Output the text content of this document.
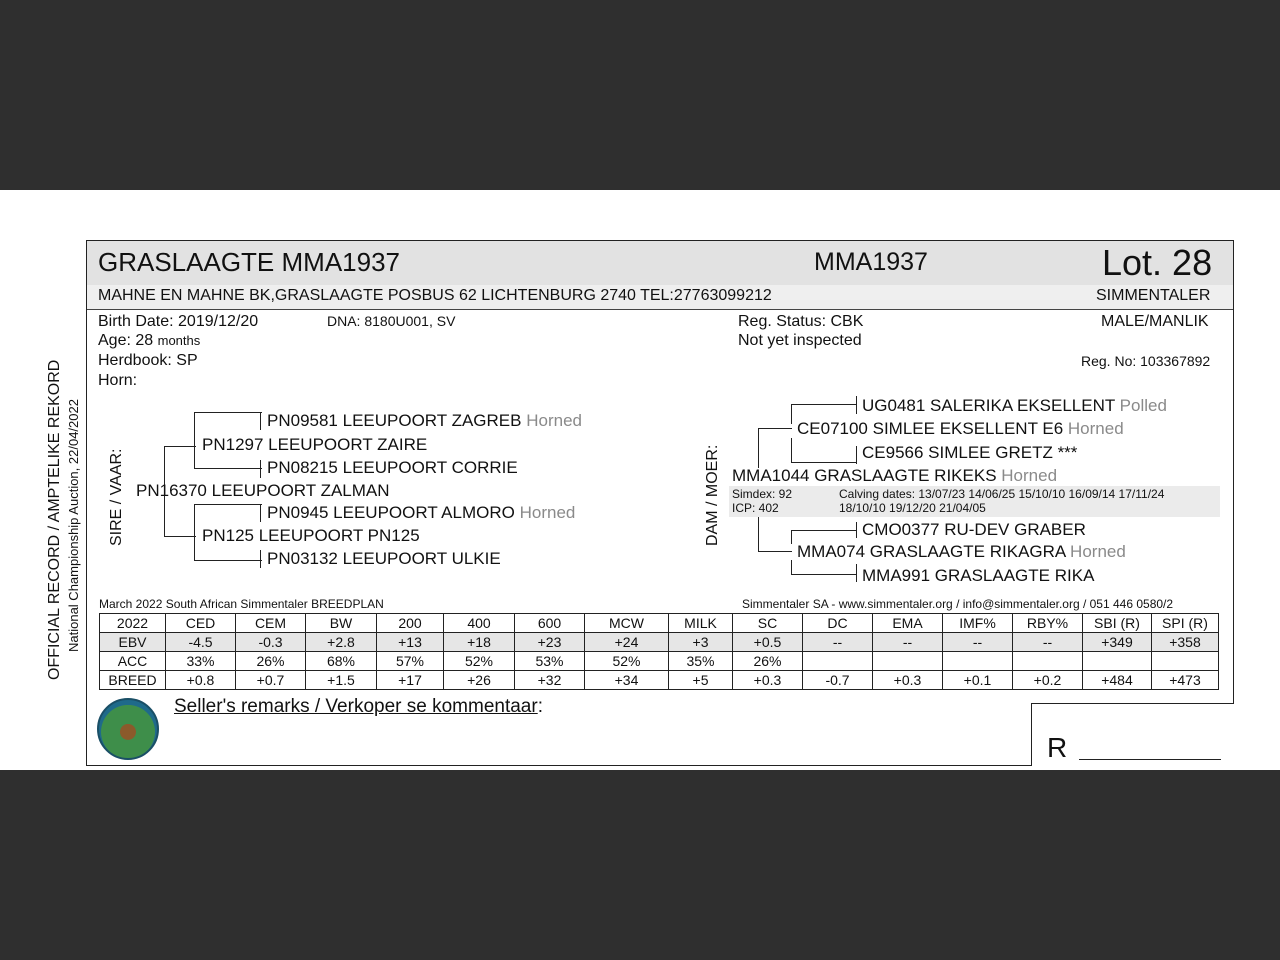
GRASLAAGTE MMA1937	MMA1937	Lot. 28
MAHNE EN MAHNE BK,GRASLAAGTE POSBUS 62 LICHTENBURG 2740 TEL:27763099212	SIMMENTALER
Birth Date: 2019/12/20	DNA: 8180U001, SV
Age: 28 months
Herdbook: SP
Horn:
Reg. Status: CBK
Not yet inspected
MALE/MANLIK
Reg. No: 103367892
OFFICIAL RECORD / AMPTELIKE REKORD National Championship Auction, 22/04/2022 SIRE / VAAR:	DAM / MOER:
PN09581 LEEUPOORT ZAGREB Horned
PN1297 LEEUPOORT ZAIRE
PN08215 LEEUPOORT CORRIE
PN16370 LEEUPOORT ZALMAN
PN0945 LEEUPOORT ALMORO Horned
PN125 LEEUPOORT PN125
PN03132 LEEUPOORT ULKIE
UG0481 SALERIKA EKSELLENT Polled
CE07100 SIMLEE EKSELLENT E6 Horned
CE9566 SIMLEE GRETZ ***
MMA1044 GRASLAAGTE RIKEKS Horned
Simdex: 92
ICP: 402
Calving dates: 13/07/23 14/06/25 15/10/10 16/09/14 17/11/24
18/10/10 19/12/20 21/04/05
CMO0377 RU-DEV GRABER
MMA074 GRASLAAGTE RIKAGRA Horned
MMA991 GRASLAAGTE RIKA
March 2022 South African Simmentaler BREEDPLAN	Simmentaler SA - www.simmentaler.org / info@simmentaler.org / 051 446 0580/2
2022	CED	CEM	BW	200	400	600	MCW	MILK	SC	DC	EMA	IMF%	RBY%	SBI (R)	SPI (R)
EBV	-4.5	-0.3	+2.8	+13	+18	+23	+24	+3	+0.5	--	--	--	--	+349	+358
ACC	33%	26%	68%	57%	52%	53%	52%	35%	26%						
BREED	+0.8	+0.7	+1.5	+17	+26	+32	+34	+5	+0.3	-0.7	+0.3	+0.1	+0.2	+484	+473
Seller's remarks / Verkoper se kommentaar:
R
